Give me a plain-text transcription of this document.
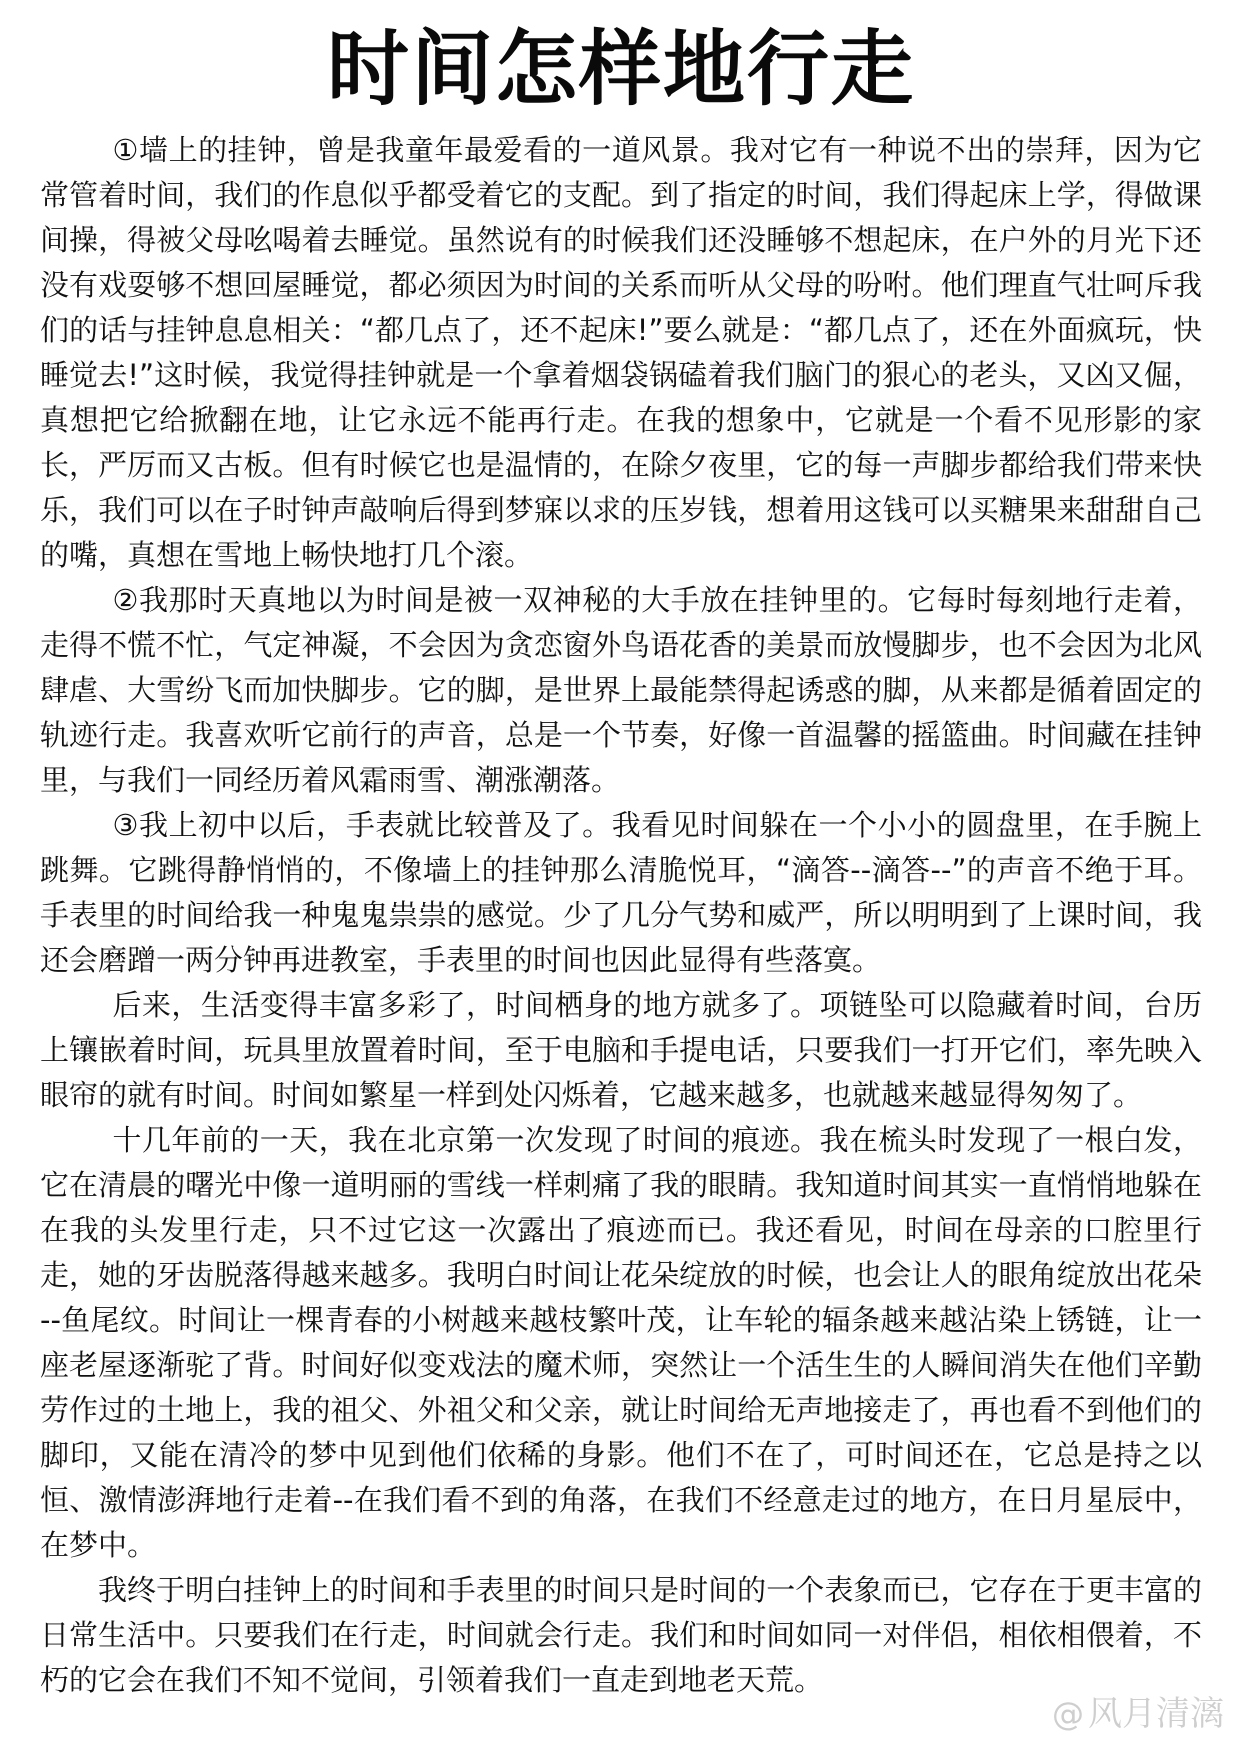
时间怎样地行走

①墙上的挂钟，曾是我童年最爱看的一道风景。我对它有一种说不出的崇拜，因为它常管着时间，我们的作息似乎都受着它的支配。到了指定的时间，我们得起床上学，得做课间操，得被父母吆喝着去睡觉。虽然说有的时候我们还没睡够不想起床，在户外的月光下还没有戏耍够不想回屋睡觉，都必须因为时间的关系而听从父母的吩咐。他们理直气壮呵斥我们的话与挂钟息息相关：“都几点了，还不起床!”要么就是：“都几点了，还在外面疯玩，快睡觉去!”这时候，我觉得挂钟就是一个拿着烟袋锅磕着我们脑门的狠心的老头，又凶又倔，真想把它给掀翻在地，让它永远不能再行走。在我的想象中，它就是一个看不见形影的家长，严厉而又古板。但有时候它也是温情的，在除夕夜里，它的每一声脚步都给我们带来快乐，我们可以在子时钟声敲响后得到梦寐以求的压岁钱，想着用这钱可以买糖果来甜甜自己的嘴，真想在雪地上畅快地打几个滚。

②我那时天真地以为时间是被一双神秘的大手放在挂钟里的。它每时每刻地行走着，走得不慌不忙，气定神凝，不会因为贪恋窗外鸟语花香的美景而放慢脚步，也不会因为北风肆虐、大雪纷飞而加快脚步。它的脚，是世界上最能禁得起诱惑的脚，从来都是循着固定的轨迹行走。我喜欢听它前行的声音，总是一个节奏，好像一首温馨的摇篮曲。时间藏在挂钟里，与我们一同经历着风霜雨雪、潮涨潮落。

③我上初中以后，手表就比较普及了。我看见时间躲在一个小小的圆盘里，在手腕上跳舞。它跳得静悄悄的，不像墙上的挂钟那么清脆悦耳，“滴答--滴答--”的声音不绝于耳。手表里的时间给我一种鬼鬼祟祟的感觉。少了几分气势和威严，所以明明到了上课时间，我还会磨蹭一两分钟再进教室，手表里的时间也因此显得有些落寞。

后来，生活变得丰富多彩了，时间栖身的地方就多了。项链坠可以隐藏着时间，台历上镶嵌着时间，玩具里放置着时间，至于电脑和手提电话，只要我们一打开它们，率先映入眼帘的就有时间。时间如繁星一样到处闪烁着，它越来越多，也就越来越显得匆匆了。

十几年前的一天，我在北京第一次发现了时间的痕迹。我在梳头时发现了一根白发，它在清晨的曙光中像一道明丽的雪线一样刺痛了我的眼睛。我知道时间其实一直悄悄地躲在在我的头发里行走，只不过它这一次露出了痕迹而已。我还看见，时间在母亲的口腔里行走，她的牙齿脱落得越来越多。我明白时间让花朵绽放的时候，也会让人的眼角绽放出花朵 --鱼尾纹。时间让一棵青春的小树越来越枝繁叶茂，让车轮的辐条越来越沾染上锈链，让一座老屋逐渐驼了背。时间好似变戏法的魔术师，突然让一个活生生的人瞬间消失在他们辛勤劳作过的土地上，我的祖父、外祖父和父亲，就让时间给无声地接走了，再也看不到他们的脚印，又能在清冷的梦中见到他们依稀的身影。他们不在了，可时间还在，它总是持之以恒、激情澎湃地行走着--在我们看不到的角落，在我们不经意走过的地方，在日月星辰中，在梦中。

我终于明白挂钟上的时间和手表里的时间只是时间的一个表象而已，它存在于更丰富的日常生活中。只要我们在行走，时间就会行走。我们和时间如同一对伴侣，相依相偎着，不朽的它会在我们不知不觉间，引领着我们一直走到地老天荒。

@ 风月清漓
